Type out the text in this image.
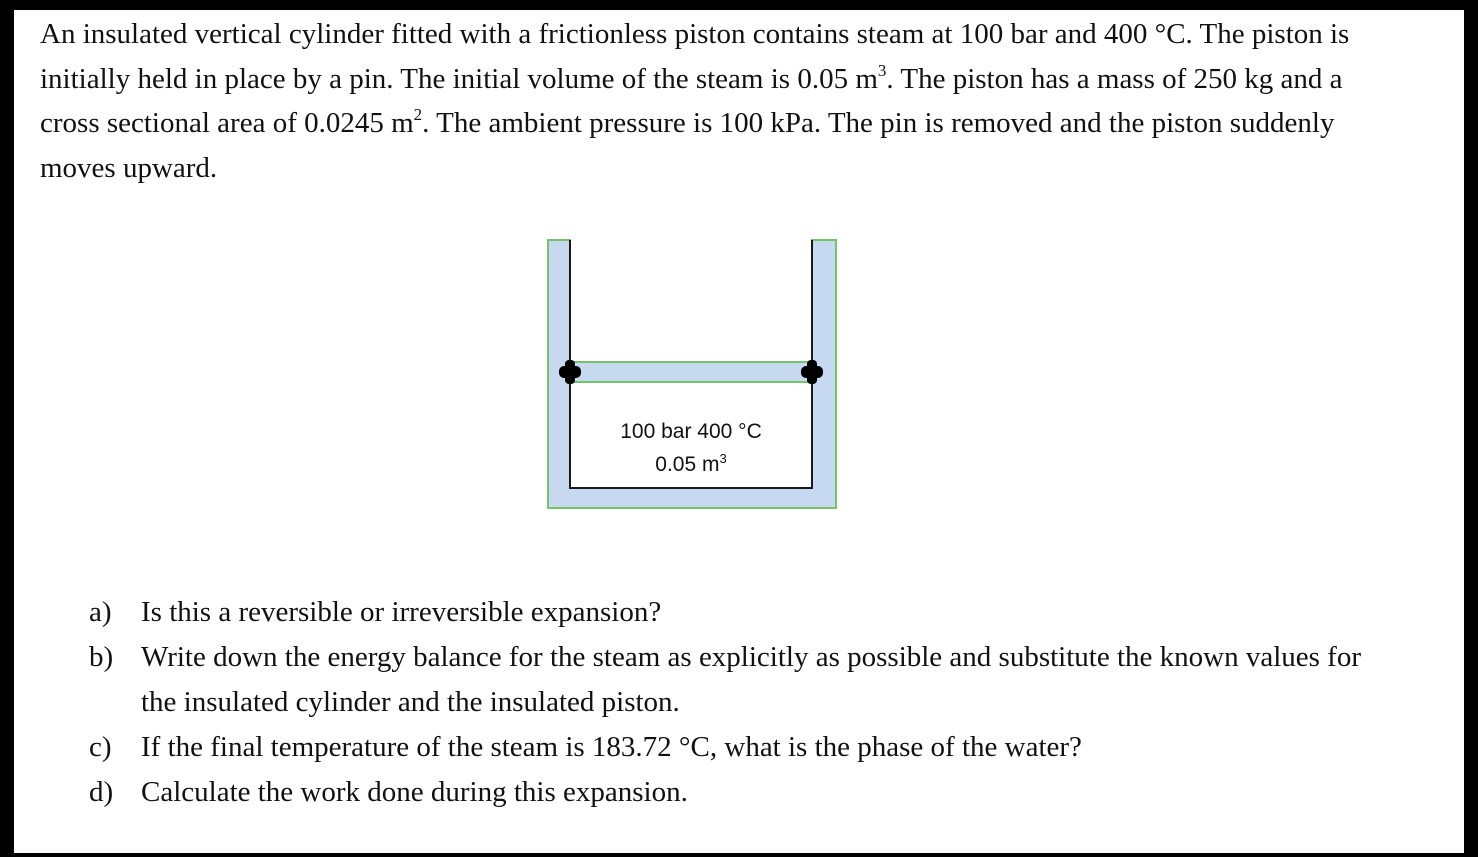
An insulated vertical cylinder fitted with a frictionless piston contains steam at 100 bar and 400 °C. The piston is initially held in place by a pin. The initial volume of the steam is 0.05 $m^3$. The piston has a mass of 250 kg and a cross sectional area of 0.0245 $m^2$. The ambient pressure is 100 kPa. The pin is removed and the piston suddenly moves upward.

100 bar 400 °C
0.05 $m^3$
a) Is this a reversible or irreversible expansion?
b) Write down the energy balance for the steam as explicitly as possible and substitute the known values for the insulated cylinder and the insulated piston.
c) If the final temperature of the steam is 183.72 °C, what is the phase of the water?
d) Calculate the work done during this expansion.
